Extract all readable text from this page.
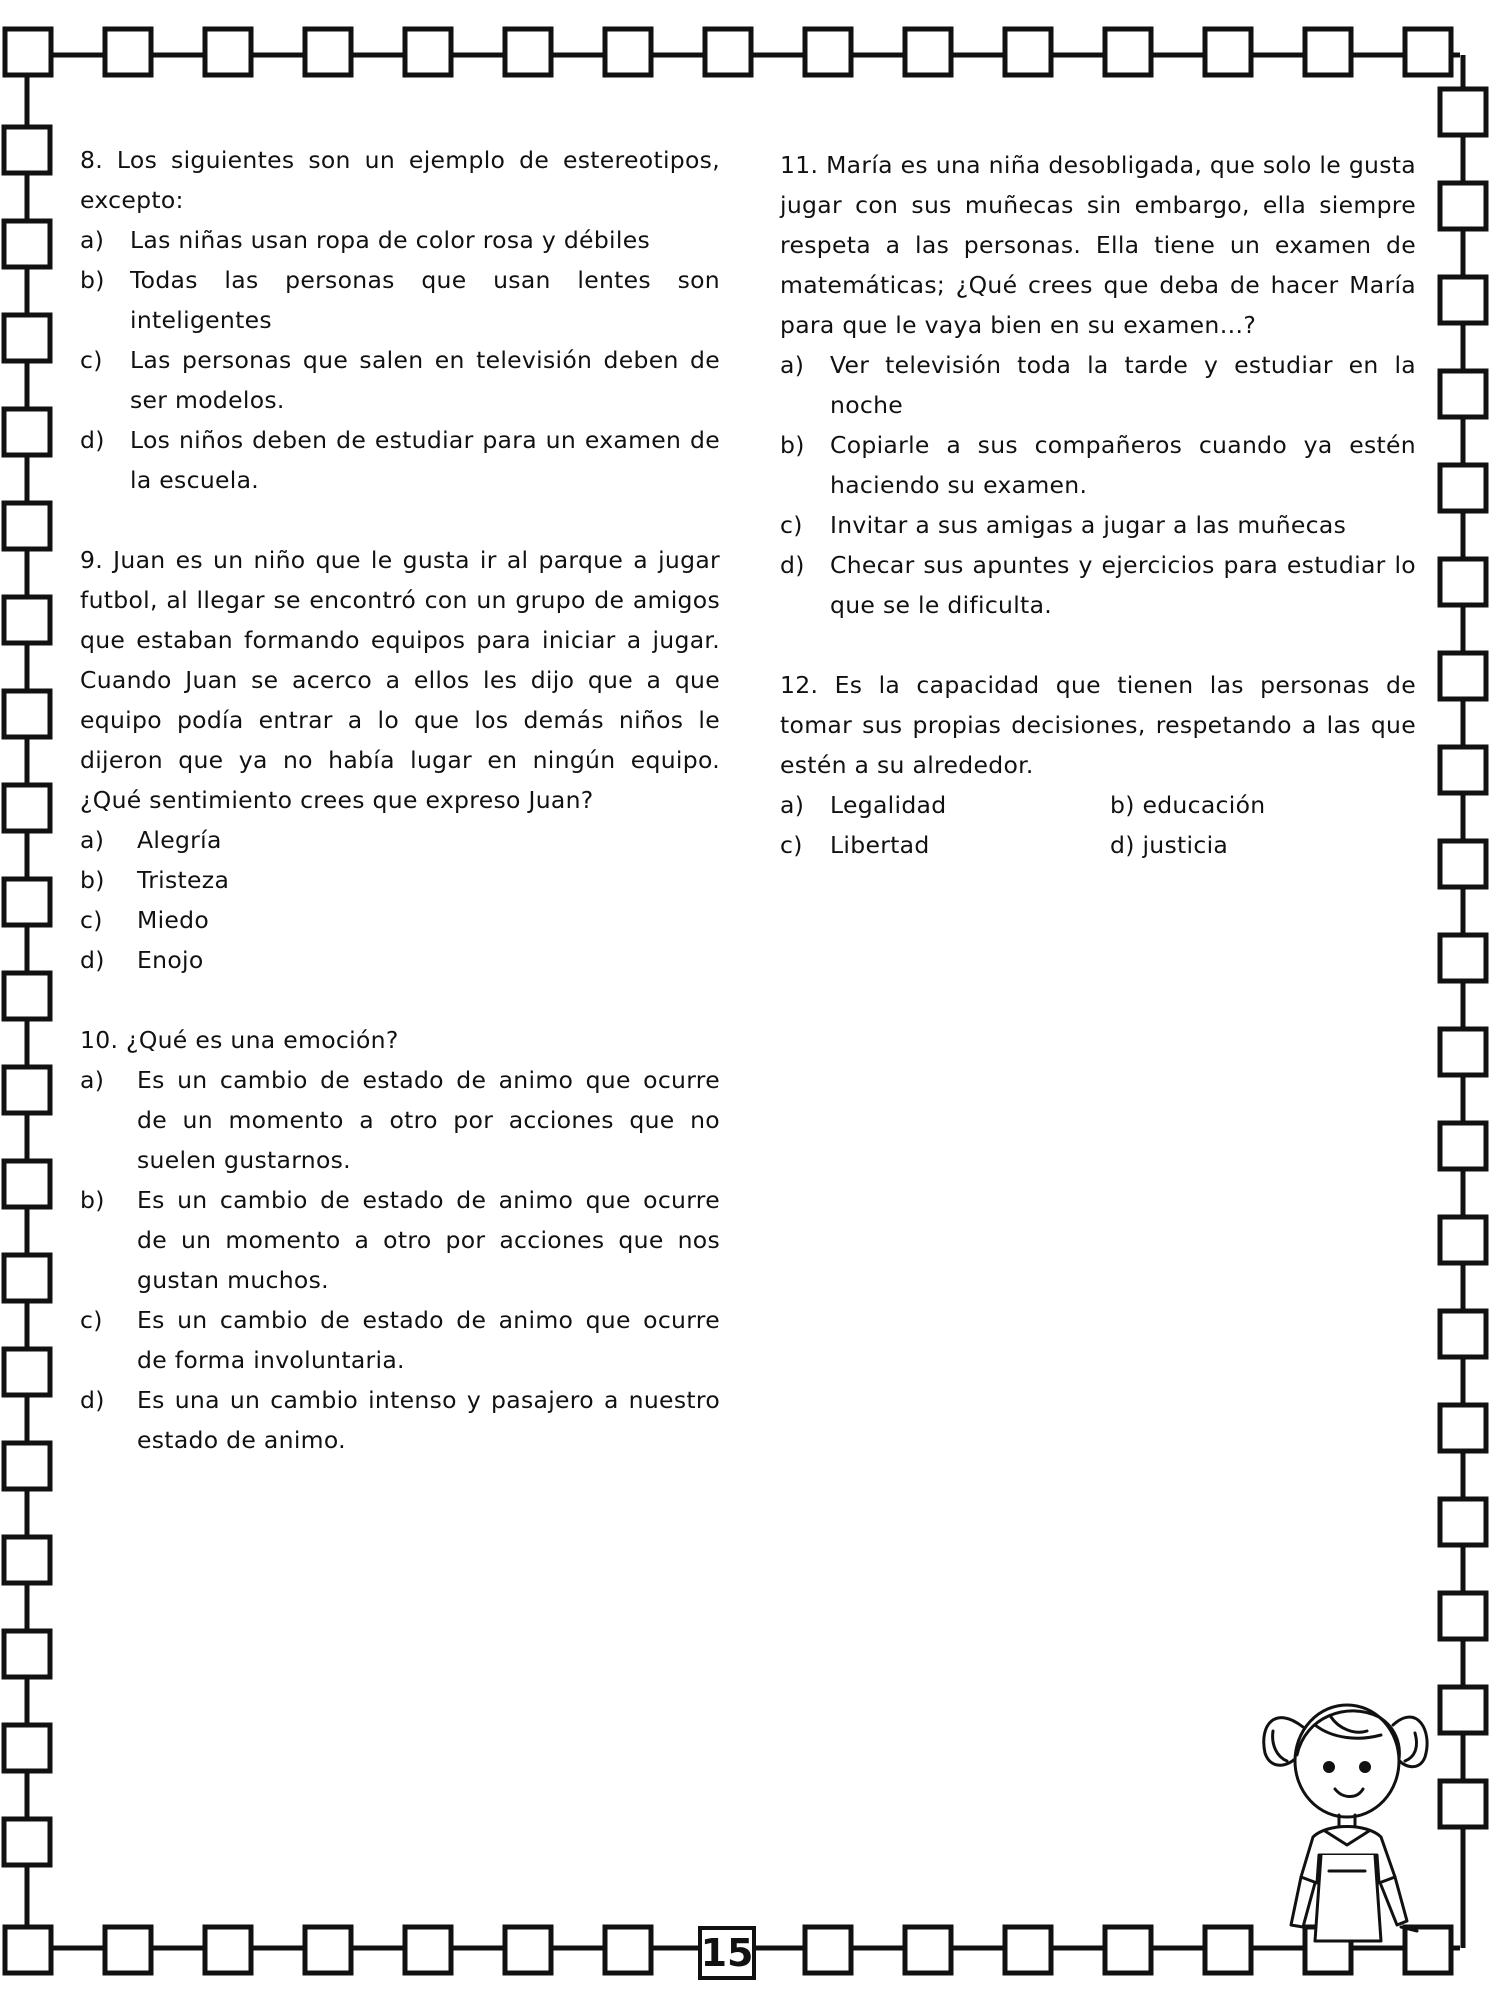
8. Los siguientes son un ejemplo de estereotipos, excepto:
a)	Las niñas usan ropa de color rosa y débiles
b)	Todas las personas que usan lentes son inteligentes
c)	Las personas que salen en televisión deben de ser modelos.
d)	Los niños deben de estudiar para un examen de la escuela.
9. Juan es un niño que le gusta ir al parque a jugar futbol, al llegar se encontró con un grupo de amigos que estaban formando equipos para iniciar a jugar. Cuando Juan se acerco a ellos les dijo que a que equipo podía entrar a lo que los demás niños le dijeron que ya no había lugar en ningún equipo. ¿Qué sentimiento crees que expreso Juan?
a)	Alegría
b)	Tristeza
c)	Miedo
d)	Enojo
10. ¿Qué es una emoción?
a)	Es un cambio de estado de animo que ocurre de un momento a otro por acciones que no suelen gustarnos.
b)	Es un cambio de estado de animo que ocurre de un momento a otro por acciones que nos gustan muchos.
c)	Es un cambio de estado de animo que ocurre de forma involuntaria.
d)	Es una un cambio intenso y pasajero a nuestro estado de animo.
11. María es una niña desobligada, que solo le gusta jugar con sus muñecas sin embargo, ella siempre respeta a las personas. Ella tiene un examen de matemáticas; ¿Qué crees que deba de hacer María para que le vaya bien en su examen…?
a)	Ver televisión toda la tarde y estudiar en la noche
b)	Copiarle a sus compañeros cuando ya estén haciendo su examen.
c)	Invitar a sus amigas a jugar a las muñecas
d)	Checar sus apuntes y ejercicios para estudiar lo que se le dificulta.
12. Es la capacidad que tienen las personas de tomar sus propias decisiones, respetando a las que estén a su alrededor.
a)	Legalidad	b) educación
c)	Libertad	d) justicia
15
